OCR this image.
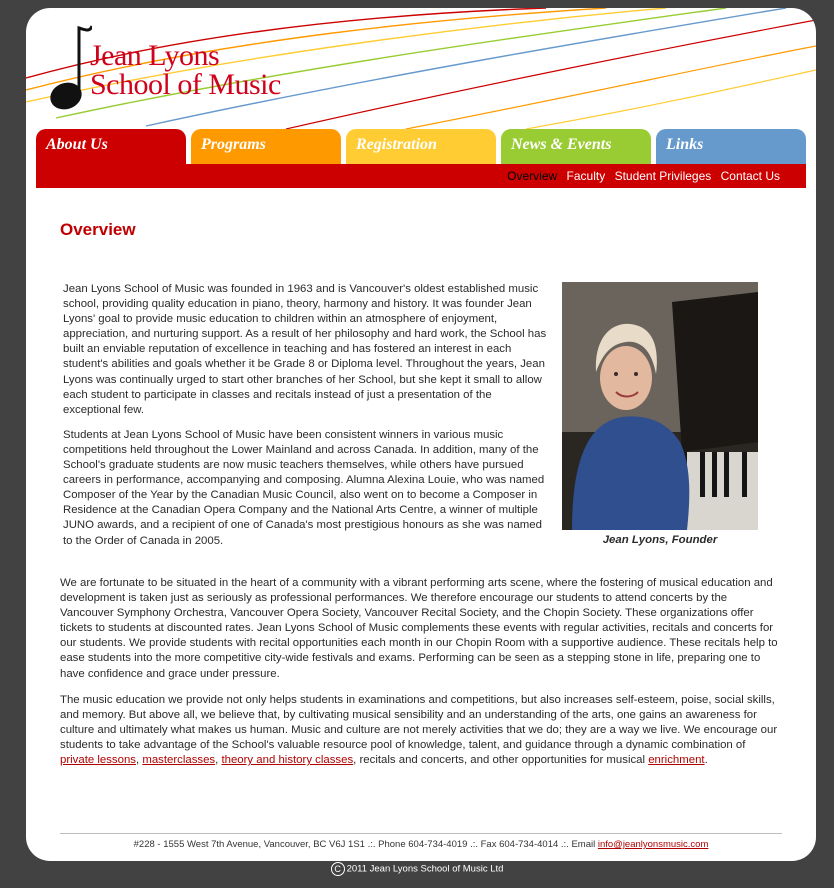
Jean Lyons
School of Music
About Us	Programs	Registration	News & Events	Links
Overview Faculty Student Privileges Contact Us
Overview

Jean Lyons School of Music was founded in 1963 and is Vancouver's oldest established music school, providing quality education in piano, theory, harmony and history. It was founder Jean Lyons' goal to provide music education to children within an atmosphere of enjoyment, appreciation, and nurturing support. As a result of her philosophy and hard work, the School has built an enviable reputation of excellence in teaching and has fostered an interest in each student's abilities and goals whether it be Grade 8 or Diploma level. Throughout the years, Jean Lyons was continually urged to start other branches of her School, but she kept it small to allow each student to participate in classes and recitals instead of just a presentation of the exceptional few.

Students at Jean Lyons School of Music have been consistent winners in various music competitions held throughout the Lower Mainland and across Canada. In addition, many of the School's graduate students are now music teachers themselves, while others have pursued careers in performance, accompanying and composing. Alumna Alexina Louie, who was named Composer of the Year by the Canadian Music Council, also went on to become a Composer in Residence at the Canadian Opera Company and the National Arts Centre, a winner of multiple JUNO awards, and a recipient of one of Canada's most prestigious honours as she was named to the Order of Canada in 2005.	Jean Lyons, Founder

We are fortunate to be situated in the heart of a community with a vibrant performing arts scene, where the fostering of musical education and development is taken just as seriously as professional performances. We therefore encourage our students to attend concerts by the Vancouver Symphony Orchestra, Vancouver Opera Society, Vancouver Recital Society, and the Chopin Society. These organizations offer tickets to students at discounted rates. Jean Lyons School of Music complements these events with regular activities, recitals and concerts for our students. We provide students with recital opportunities each month in our Chopin Room with a supportive audience. These recitals help to ease students into the more competitive city-wide festivals and exams. Performing can be seen as a stepping stone in life, preparing one to have confidence and grace under pressure.

The music education we provide not only helps students in examinations and competitions, but also increases self-esteem, poise, social skills, and memory. But above all, we believe that, by cultivating musical sensibility and an understanding of the arts, one gains an awareness for culture and ultimately what makes us human. Music and culture are not merely activities that we do; they are a way we live. We encourage our students to take advantage of the School's valuable resource pool of knowledge, talent, and guidance through a dynamic combination of private lessons, masterclasses, theory and history classes, recitals and concerts, and other opportunities for musical enrichment.

#228 - 1555 West 7th Avenue, Vancouver, BC V6J 1S1 .:. Phone 604-734-4019 .:. Fax 604-734-4014 .:. Email info@jeanlyonsmusic.com
C 2011 Jean Lyons School of Music Ltd
